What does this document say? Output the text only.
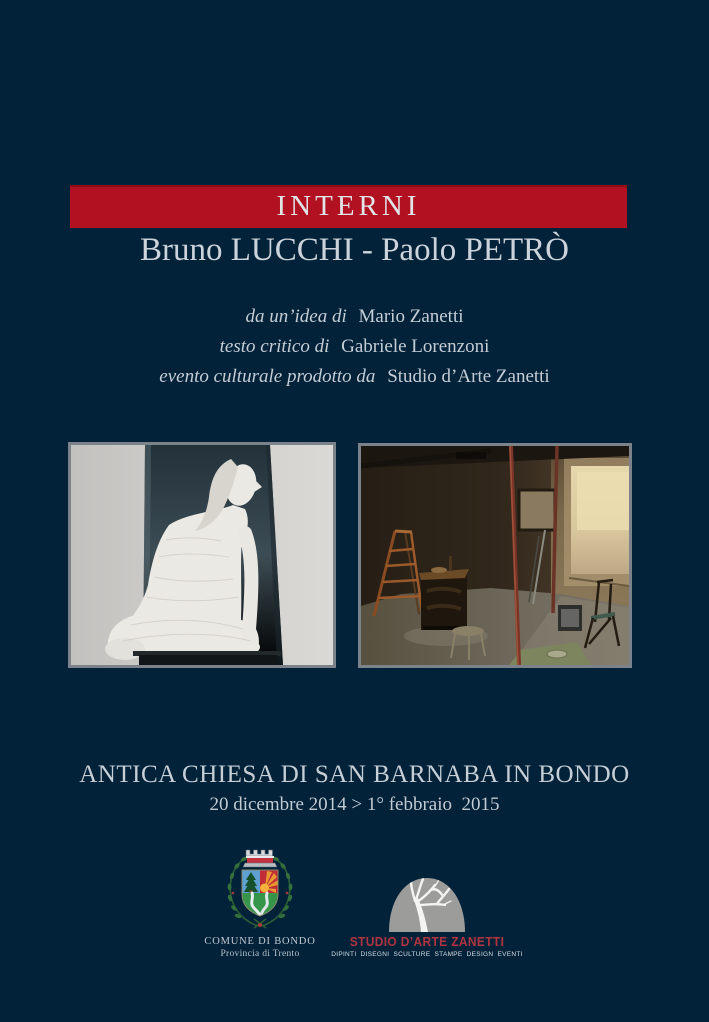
INTERNI
Bruno LUCCHI - Paolo PETRÒ
da un’idea di Mario Zanetti
testo critico di Gabriele Lorenzoni
evento culturale prodotto da Studio d’Arte Zanetti
ANTICA CHIESA DI SAN BARNABA IN BONDO
20 dicembre 2014 > 1° febbraio  2015
COMUNE DI BONDO
Provincia di Trento
STUDIO D’ARTE ZANETTI
DIPINTI DISEGNI SCULTURE STAMPE DESIGN EVENTI
